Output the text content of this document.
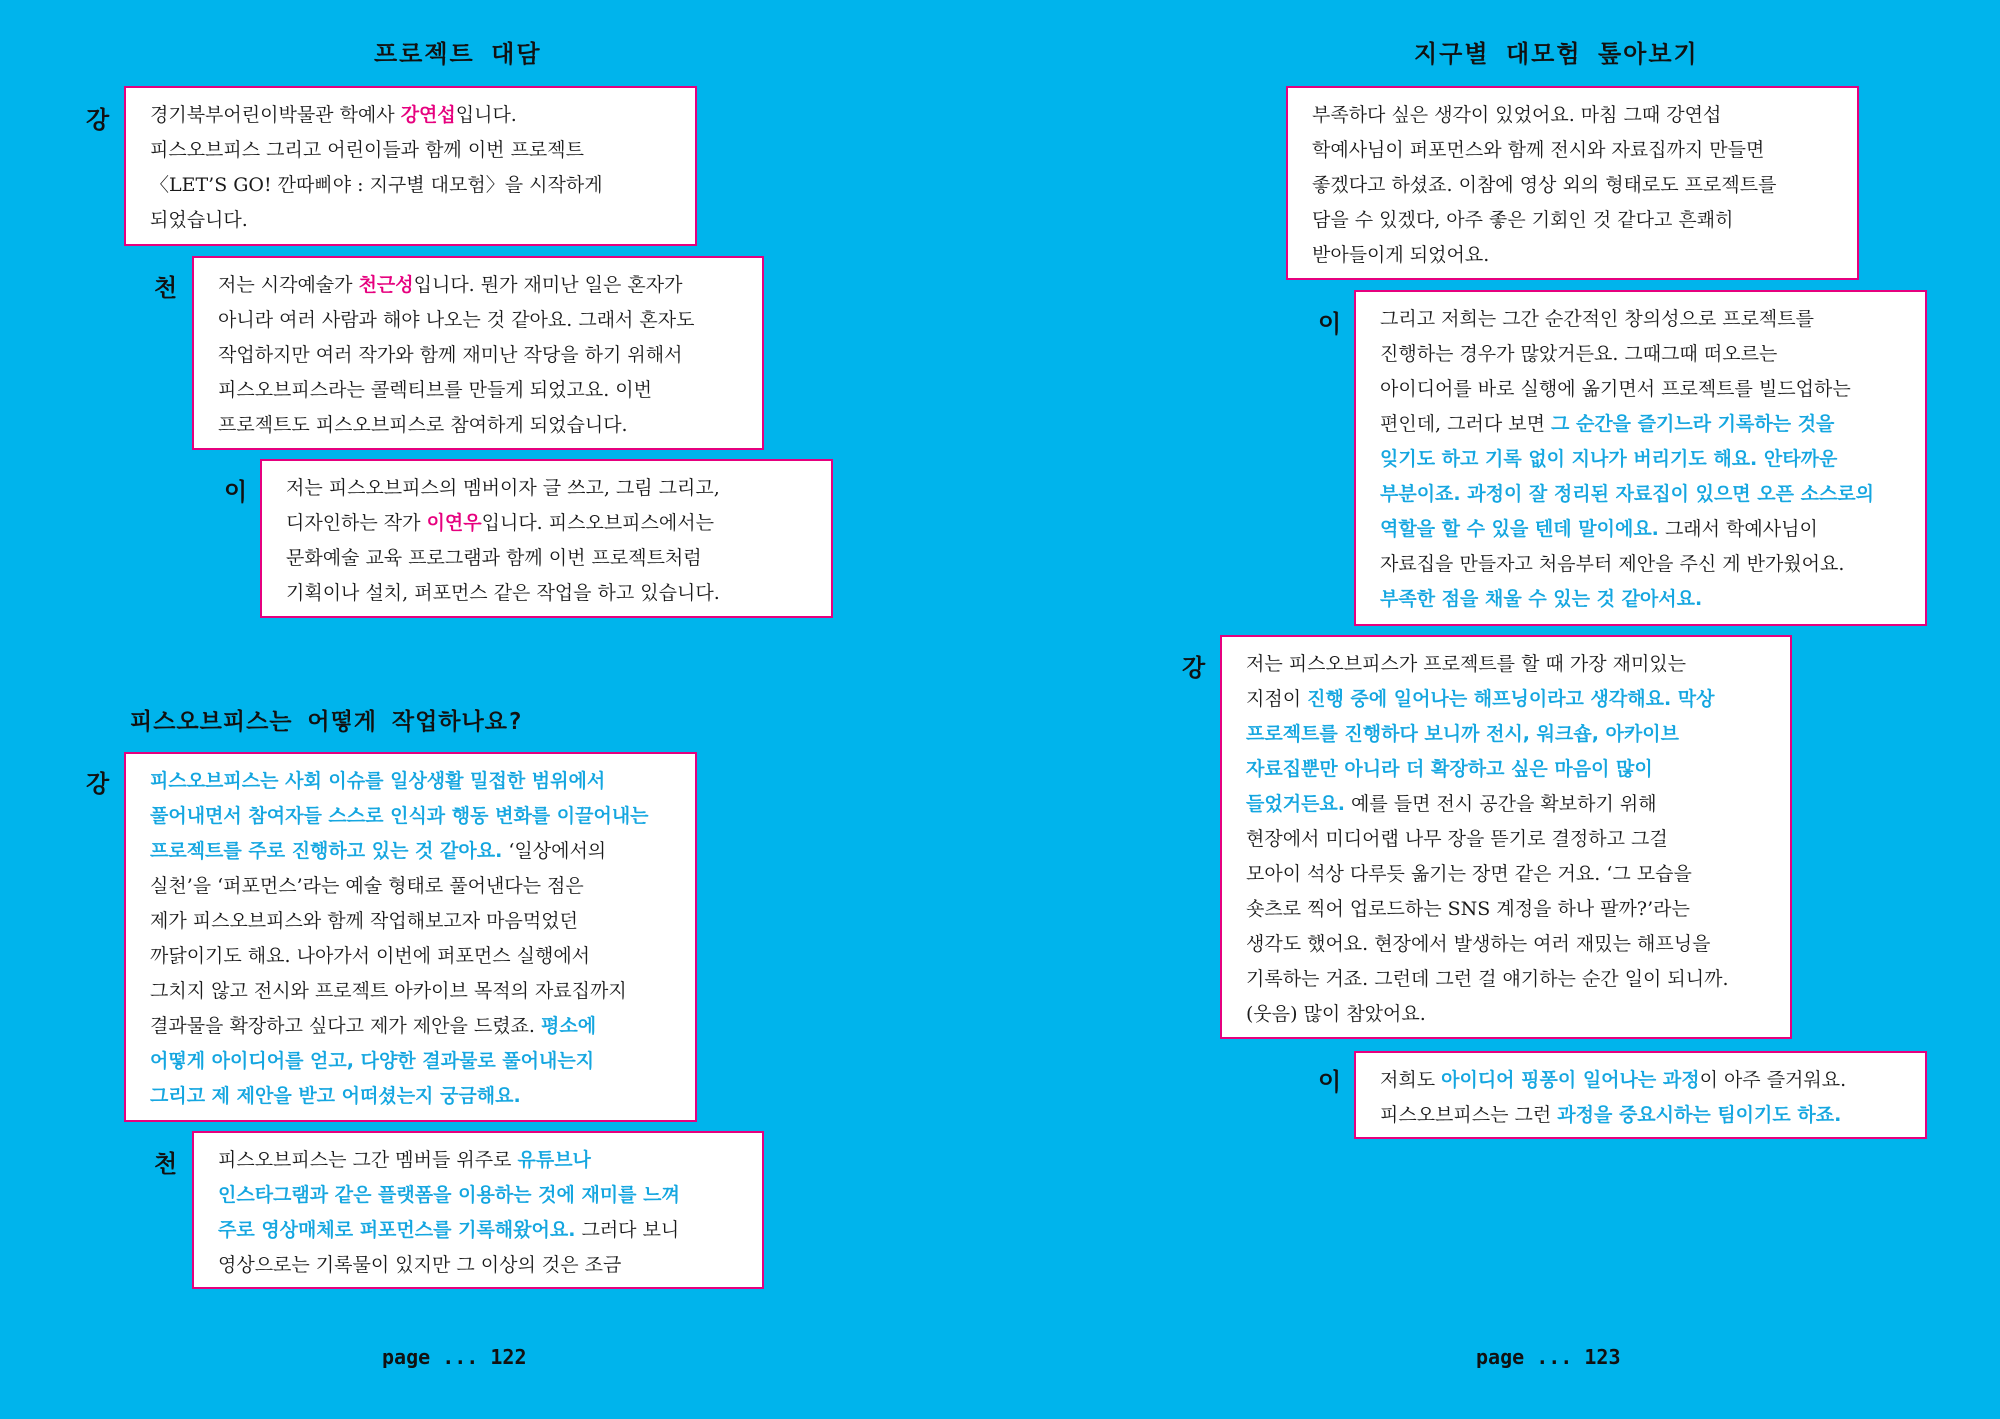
프로젝트 대담
강 경기북부어린이박물관 학예사 강연섭입니다.
피스오브피스 그리고 어린이들과 함께 이번 프로젝트
〈LET’S GO! 깐따삐야 : 지구별 대모험〉을 시작하게
되었습니다.
천 저는 시각예술가 천근성입니다. 뭔가 재미난 일은 혼자가
아니라 여러 사람과 해야 나오는 것 같아요. 그래서 혼자도
작업하지만 여러 작가와 함께 재미난 작당을 하기 위해서
피스오브피스라는 콜렉티브를 만들게 되었고요. 이번
프로젝트도 피스오브피스로 참여하게 되었습니다.
이 저는 피스오브피스의 멤버이자 글 쓰고, 그림 그리고,
디자인하는 작가 이연우입니다. 피스오브피스에서는
문화예술 교육 프로그램과 함께 이번 프로젝트처럼
기획이나 설치, 퍼포먼스 같은 작업을 하고 있습니다.
피스오브피스는 어떻게 작업하나요?
강 피스오브피스는 사회 이슈를 일상생활 밀접한 범위에서
풀어내면서 참여자들 스스로 인식과 행동 변화를 이끌어내는
프로젝트를 주로 진행하고 있는 것 같아요. ‘일상에서의
실천’을 ‘퍼포먼스’라는 예술 형태로 풀어낸다는 점은
제가 피스오브피스와 함께 작업해보고자 마음먹었던
까닭이기도 해요. 나아가서 이번에 퍼포먼스 실행에서
그치지 않고 전시와 프로젝트 아카이브 목적의 자료집까지
결과물을 확장하고 싶다고 제가 제안을 드렸죠. 평소에
어떻게 아이디어를 얻고, 다양한 결과물로 풀어내는지
그리고 제 제안을 받고 어떠셨는지 궁금해요.
천 피스오브피스는 그간 멤버들 위주로 유튜브나
인스타그램과 같은 플랫폼을 이용하는 것에 재미를 느껴
주로 영상매체로 퍼포먼스를 기록해왔어요. 그러다 보니
영상으로는 기록물이 있지만 그 이상의 것은 조금
page ... 122
지구별 대모험 톺아보기
부족하다 싶은 생각이 있었어요. 마침 그때 강연섭
학예사님이 퍼포먼스와 함께 전시와 자료집까지 만들면
좋겠다고 하셨죠. 이참에 영상 외의 형태로도 프로젝트를
담을 수 있겠다, 아주 좋은 기회인 것 같다고 흔쾌히
받아들이게 되었어요.
이 그리고 저희는 그간 순간적인 창의성으로 프로젝트를
진행하는 경우가 많았거든요. 그때그때 떠오르는
아이디어를 바로 실행에 옮기면서 프로젝트를 빌드업하는
편인데, 그러다 보면 그 순간을 즐기느라 기록하는 것을
잊기도 하고 기록 없이 지나가 버리기도 해요. 안타까운
부분이죠. 과정이 잘 정리된 자료집이 있으면 오픈 소스로의
역할을 할 수 있을 텐데 말이에요. 그래서 학예사님이
자료집을 만들자고 처음부터 제안을 주신 게 반가웠어요.
부족한 점을 채울 수 있는 것 같아서요.
강 저는 피스오브피스가 프로젝트를 할 때 가장 재미있는
지점이 진행 중에 일어나는 해프닝이라고 생각해요. 막상
프로젝트를 진행하다 보니까 전시, 워크숍, 아카이브
자료집뿐만 아니라 더 확장하고 싶은 마음이 많이
들었거든요. 예를 들면 전시 공간을 확보하기 위해
현장에서 미디어랩 나무 장을 뜯기로 결정하고 그걸
모아이 석상 다루듯 옮기는 장면 같은 거요. ‘그 모습을
숏츠로 찍어 업로드하는 SNS 계정을 하나 팔까?’라는
생각도 했어요. 현장에서 발생하는 여러 재밌는 해프닝을
기록하는 거죠. 그런데 그런 걸 얘기하는 순간 일이 되니까.
(웃음) 많이 참았어요.
이 저희도 아이디어 핑퐁이 일어나는 과정이 아주 즐거워요.
피스오브피스는 그런 과정을 중요시하는 팀이기도 하죠.
page ... 123
